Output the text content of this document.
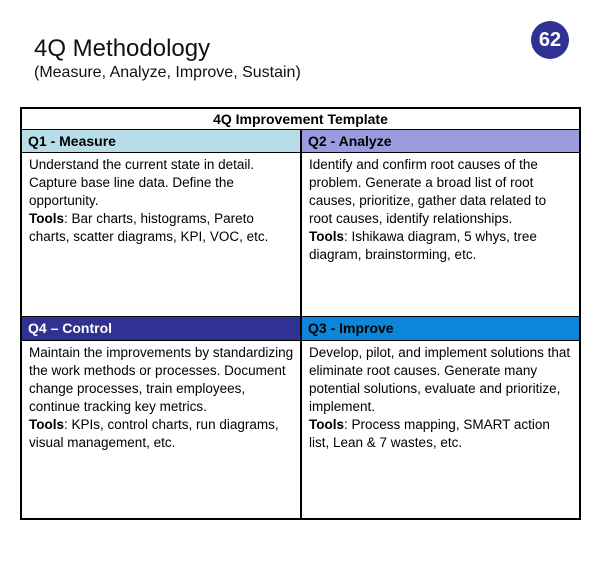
4Q Methodology
(Measure, Analyze, Improve, Sustain)
62
4Q Improvement Template
Q1 - Measure	Q2 - Analyze
Understand the current state in detail. Capture base line data. Define the opportunity.
Tools: Bar charts, histograms, Pareto charts, scatter diagrams, KPI, VOC, etc.
Identify and confirm root causes of the problem. Generate a broad list of root causes, prioritize, gather data related to root causes, identify relationships.
Tools: Ishikawa diagram, 5 whys, tree diagram, brainstorming, etc.
Q4 – Control	Q3 - Improve
Maintain the improvements by standardizing the work methods or processes. Document change processes, train employees, continue tracking key metrics.
Tools: KPIs, control charts, run diagrams, visual management, etc.
Develop, pilot, and implement solutions that eliminate root causes. Generate many potential solutions, evaluate and prioritize, implement.
Tools: Process mapping, SMART action list, Lean & 7 wastes, etc.
